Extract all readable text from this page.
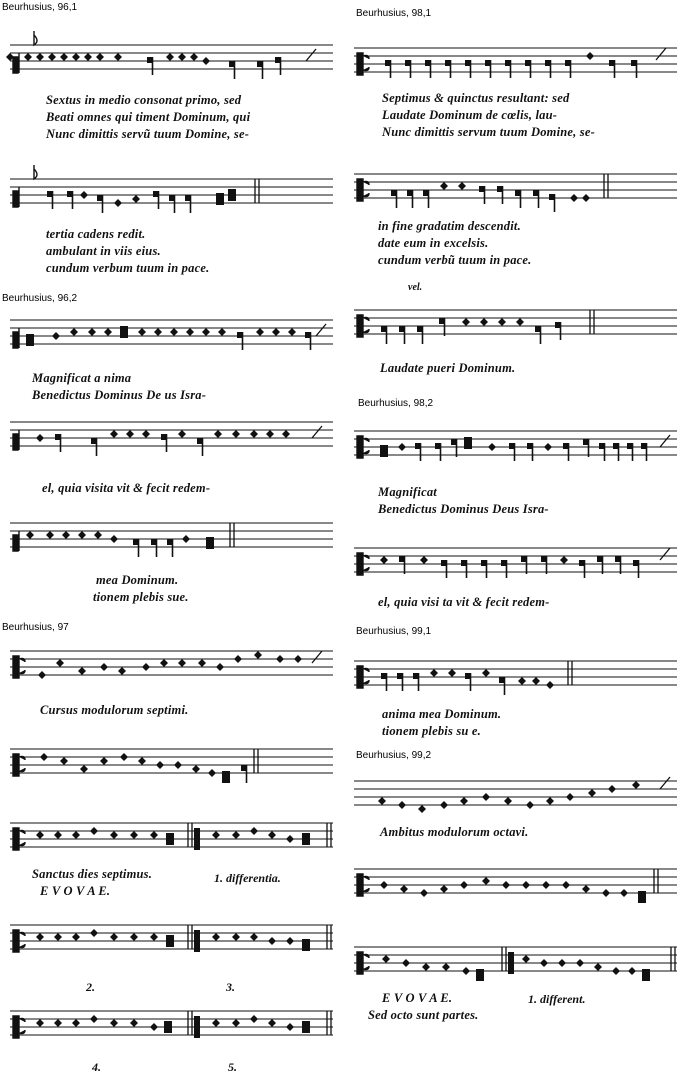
Beurhusius, 96,1
Sextus in medio consonat primo, sed
Beati omnes qui timent Dominum, qui
Nunc dimittis servũ tuum Domine, se-
tertia cadens redit.
ambulant in viis eius.
cundum verbum tuum in pace.
Beurhusius, 96,2
Magnificat a nima
Benedictus Dominus De us Isra-
el, quia visita vit & fecit redem-
mea Dominum.
tionem plebis sue.
Beurhusius, 97
Cursus modulorum septimi.
Sanctus dies septimus.
E V O V A E.
1. differentia.
2.	3.
4.	5.
Beurhusius, 98,1
Septimus & quinctus resultant: sed
Laudate Dominum de cœlis, lau-
Nunc dimittis servum tuum Domine, se-
in fine gradatim descendit.
date eum in excelsis.
cundum verbũ tuum in pace.
vel.
Laudate pueri Dominum.
Beurhusius, 98,2
Magnificat
Benedictus Dominus Deus Isra-
el, quia visi ta vit & fecit redem-
Beurhusius, 99,1
anima mea Dominum.
tionem plebis su e.
Beurhusius, 99,2
Ambitus modulorum octavi.
E V O V A E.
Sed octo sunt partes.
1. different.
